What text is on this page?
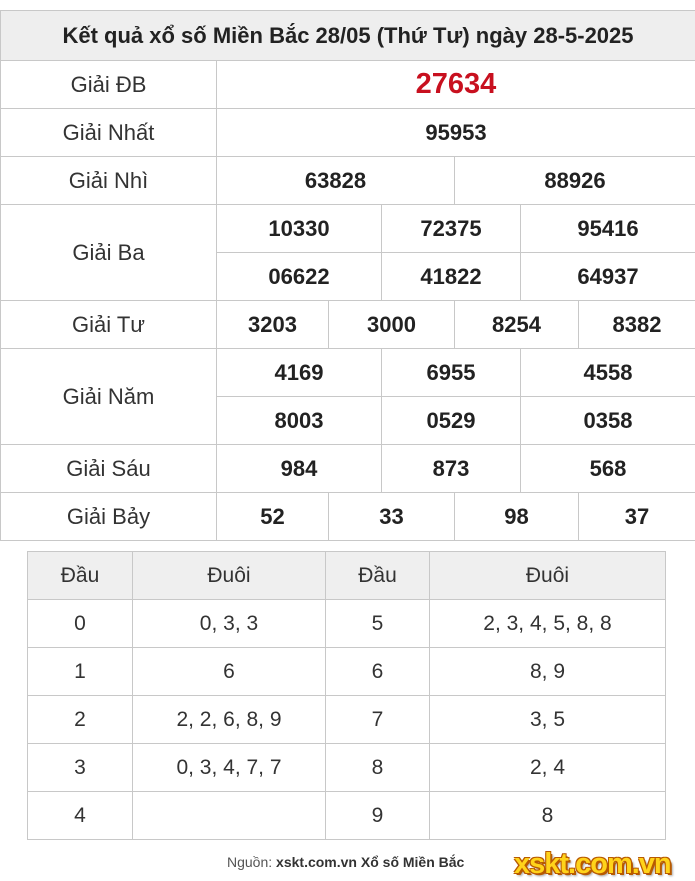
Kết quả xổ số Miền Bắc 28/05 (Thứ Tư) ngày 28-5-2025						
Giải ĐB	27634					
Giải Nhất	95953					
Giải Nhì	63828			88926		
Giải Ba	10330		72375		95416	
	06622		41822		64937	
Giải Tư	3203	3000		8254		8382
Giải Năm	4169		6955		4558	
	8003		0529		0358	
Giải Sáu	984		873		568	
Giải Bảy	52	33		98		37
Đầu	Đuôi	Đầu	Đuôi
0	0, 3, 3	5	2, 3, 4, 5, 8, 8
1	6	6	8, 9
2	2, 2, 6, 8, 9	7	3, 5
3	0, 3, 4, 7, 7	8	2, 4
4		9	8
Nguồn: xskt.com.vn Xổ số Miền Bắc xskt.com.vn
